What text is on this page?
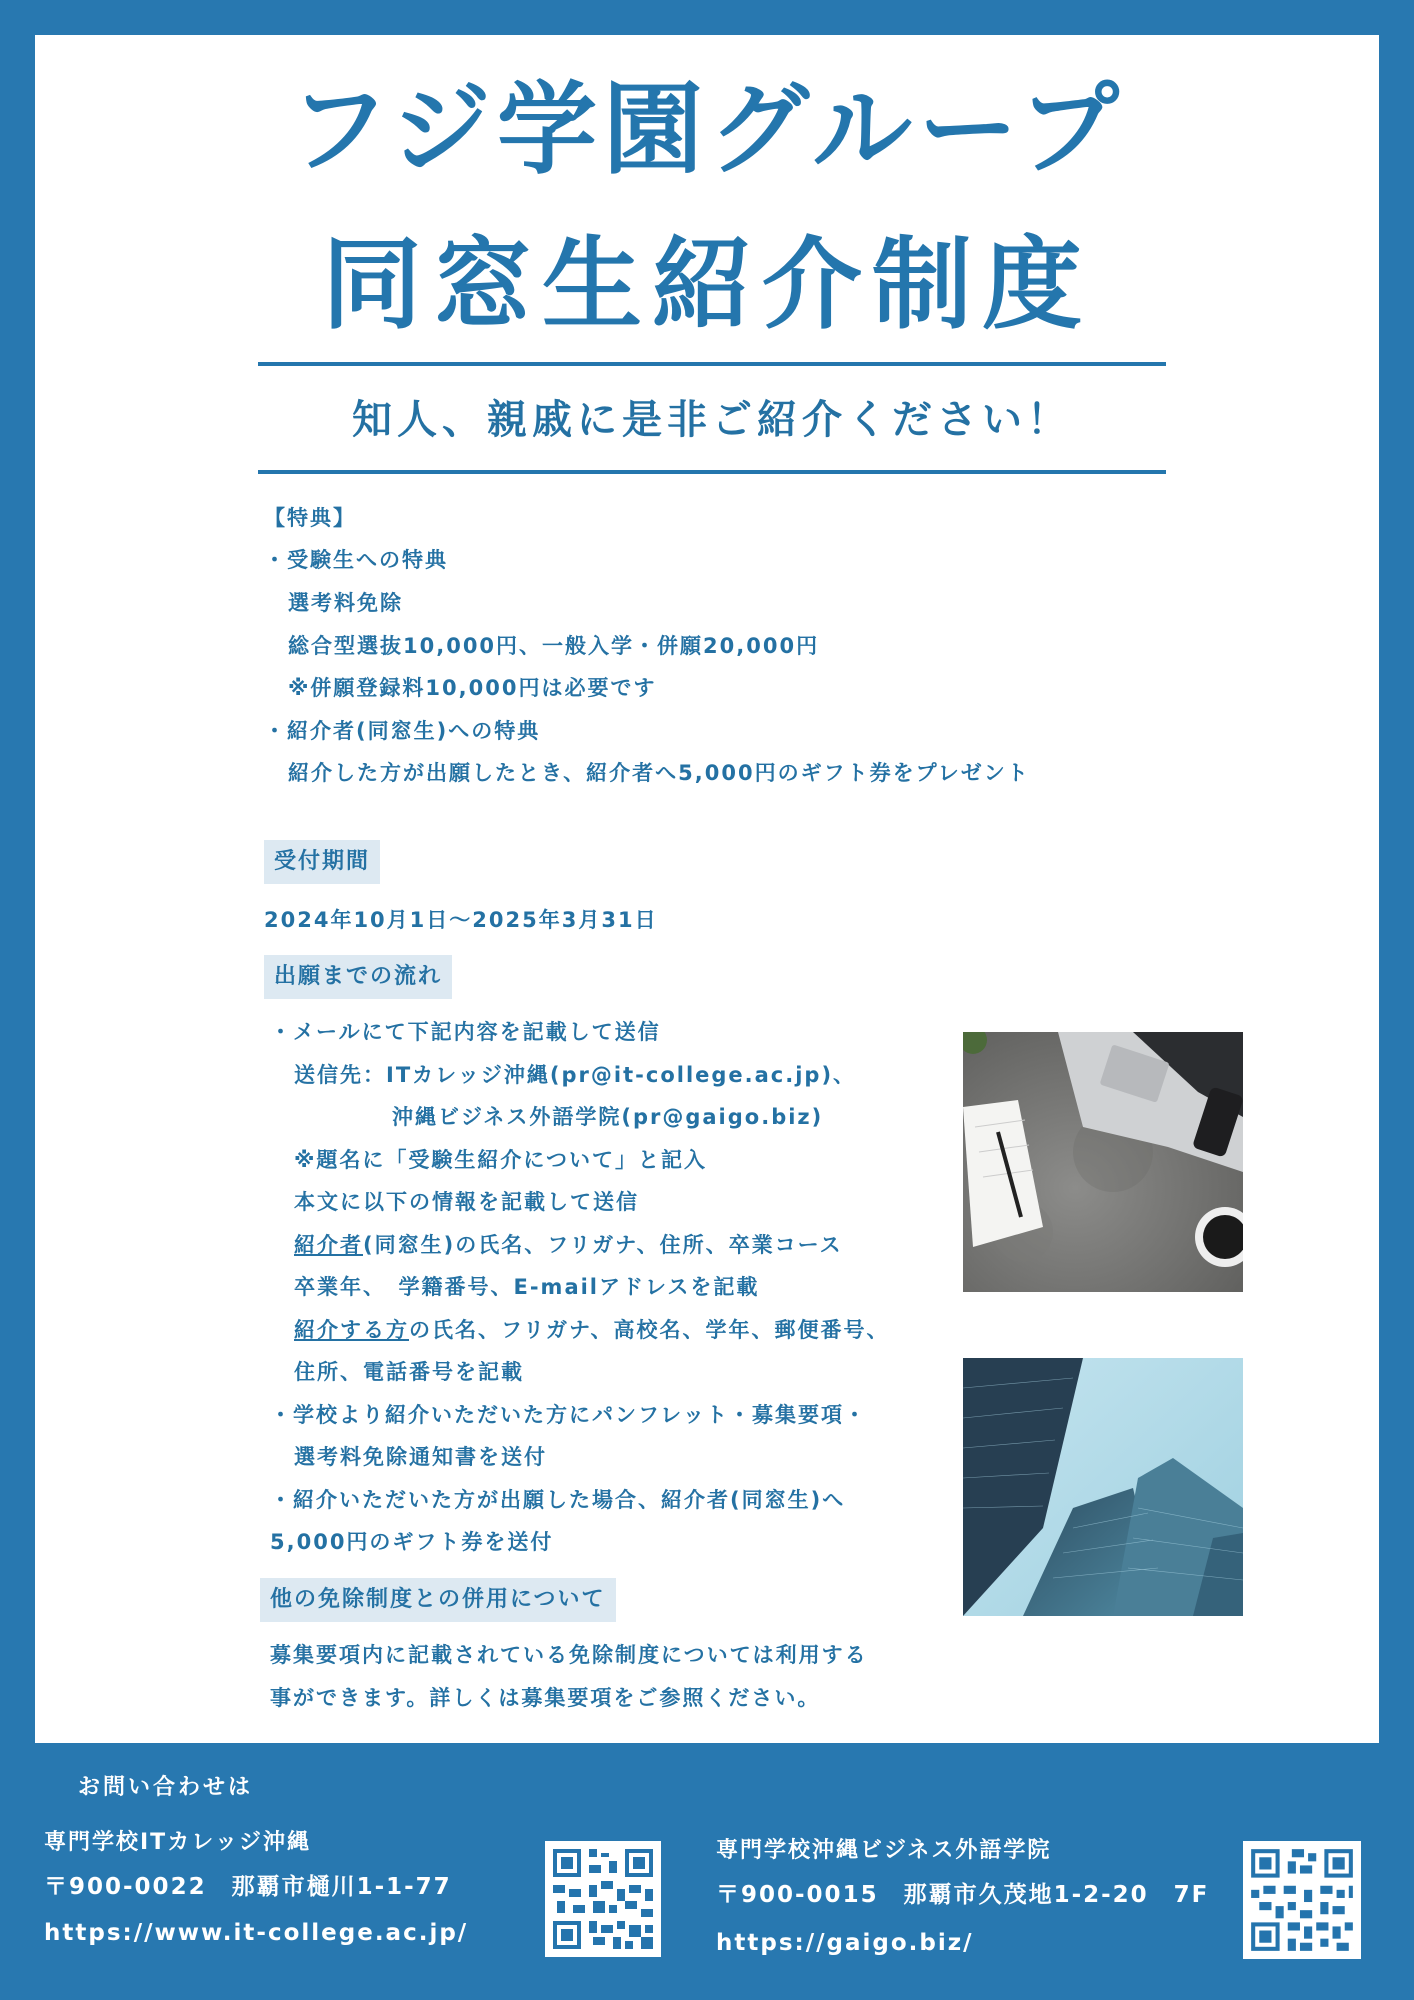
フジ学園グループ
同窓生紹介制度
知人、親戚に是非ご紹介ください！
【特典】
・受験生への特典
選考料免除
総合型選抜10,000円、一般入学・併願20,000円
※併願登録料10,000円は必要です
・紹介者(同窓生)への特典
紹介した方が出願したとき、紹介者へ5,000円のギフト券をプレゼント
受付期間
2024年10月1日～2025年3月31日
出願までの流れ
・メールにて下記内容を記載して送信
送信先：ITカレッジ沖縄(pr@it-college.ac.jp)、
沖縄ビジネス外語学院(pr@gaigo.biz)
※題名に「受験生紹介について」と記入
本文に以下の情報を記載して送信
紹介者(同窓生)の氏名、フリガナ、住所、卒業コース
卒業年、　学籍番号、E-mailアドレスを記載
紹介する方の氏名、フリガナ、高校名、学年、郵便番号、
住所、電話番号を記載
・学校より紹介いただいた方にパンフレット・募集要項・
選考料免除通知書を送付
・紹介いただいた方が出願した場合、紹介者(同窓生)へ
5,000円のギフト券を送付
他の免除制度との併用について
募集要項内に記載されている免除制度については利用する
事ができます。詳しくは募集要項をご参照ください。
お問い合わせは
専門学校ITカレッジ沖縄
〒900-0022　那覇市樋川1-1-77
https://www.it-college.ac.jp/
専門学校沖縄ビジネス外語学院
〒900-0015　那覇市久茂地1-2-20　7F
https://gaigo.biz/
